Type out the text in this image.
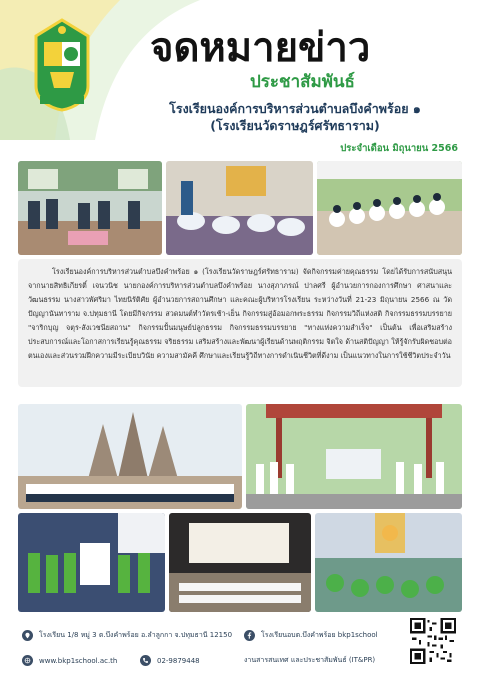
จดหมายข่าว
ประชาสัมพันธ์
โรงเรียนองค์การบริหารส่วนตำบลบึงคำพร้อย ๑
(โรงเรียนวัดราษฎร์ศรัทธาราม)
ประจำเดือน มิถุนายน 2566

โรงเรียนองค์การบริหารส่วนตำบลบึงคำพร้อย ๑ (โรงเรียนวัดราษฎร์ศรัทธาราม) จัดกิจกรรมค่ายคุณธรรม โดยได้รับการสนับสนุนจากนายสิทธิเกียรติ์ เจนวนิช นายกองค์การบริหารส่วนตำบลบึงคำพร้อย นางสุภาภรณ์ ปาลศรี ผู้อำนวยการกองการศึกษา ศาสนาและวัฒนธรรม นางสาวพัศริมา ไทยนิรัติศัย ผู้อำนวยการสถานศึกษา และคณะผู้บริหารโรงเรียน ระหว่างวันที่ 21-23 มิถุนายน 2566 ณ วัดปัญญานันทาราม จ.ปทุมธานี โดยมีกิจกรรม สวดมนต์ทำวัตรเช้า-เย็น กิจกรรมสู่อ้อมอกพระธรรม กิจกรรมวิถีแห่งสติ กิจกรรมธรรมบรรยาย "จาริกบุญ จตุร-สังเวชนียสถาน" กิจกรรมปั้นมนุษย์ปลูกธรรม กิจกรรมธรรมบรรยาย "ทางแห่งความสำเร็จ" เป็นต้น เพื่อเสริมสร้างประสบการณ์และโอกาสการเรียนรู้คุณธรรม จริยธรรม เสริมสร้างและพัฒนาผู้เรียนด้านพฤติกรรม จิตใจ ด้านสติปัญญา ให้รู้จักรับผิดชอบต่อตนเองและส่วนรวมฝึกความมีระเบียบวินัย ความสามัคคี ศึกษาและเรียนรู้วิถีทางการดำเนินชีวิตที่ดีงาม เป็นแนวทางในการใช้ชีวิตประจำวัน

โรงเรียน 1/8 หมู่ 3 ต.บึงคำพร้อย อ.ลำลูกกา จ.ปทุมธานี 12150	โรงเรียนอบต.บึงคำพร้อย bkp1school
www.bkp1school.ac.th	02-9879448	งานสารสนเทศ และประชาสัมพันธ์ (IT&PR)
